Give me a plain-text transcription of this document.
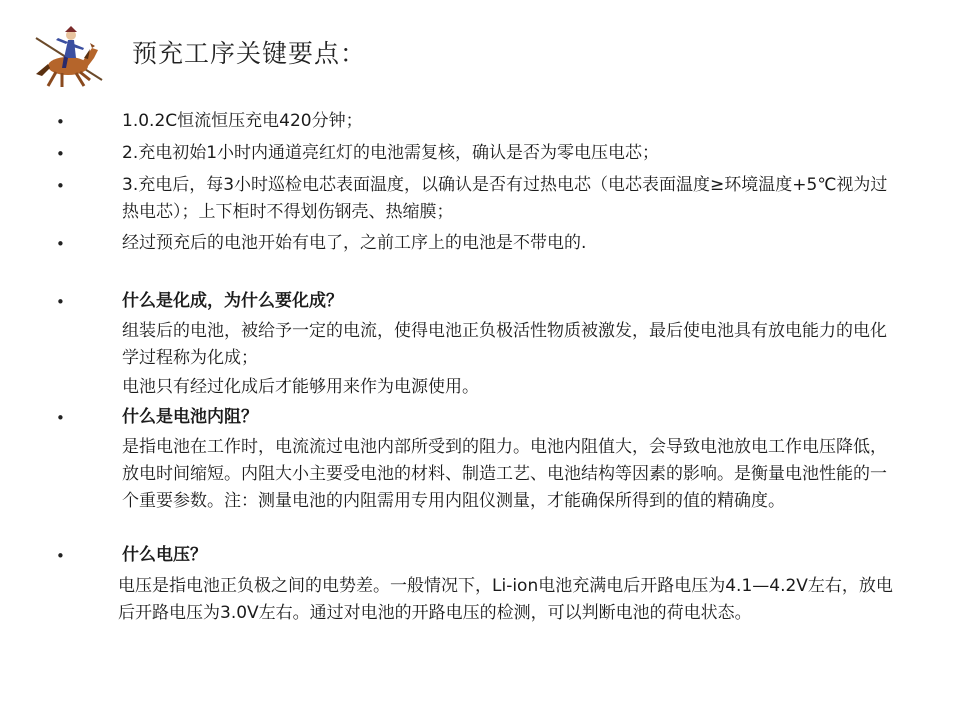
预充工序关键要点：
•	1.0.2C恒流恒压充电420分钟；
•	2.充电初始1小时内通道亮红灯的电池需复核，确认是否为零电压电芯；
•	3.充电后，每3小时巡检电芯表面温度，以确认是否有过热电芯（电芯表面温度≥环境温度+5℃视为过热电芯）；上下柜时不得划伤钢壳、热缩膜；
•	经过预充后的电池开始有电了，之前工序上的电池是不带电的.
•	什么是化成，为什么要化成？
组装后的电池，被给予一定的电流，使得电池正负极活性物质被激发，最后使电池具有放电能力的电化学过程称为化成；
电池只有经过化成后才能够用来作为电源使用。
•	什么是电池内阻？
是指电池在工作时，电流流过电池内部所受到的阻力。电池内阻值大，会导致电池放电工作电压降低，放电时间缩短。内阻大小主要受电池的材料、制造工艺、电池结构等因素的影响。是衡量电池性能的一个重要参数。注：测量电池的内阻需用专用内阻仪测量，才能确保所得到的值的精确度。
•	什么电压？
电压是指电池正负极之间的电势差。一般情况下，Li-ion电池充满电后开路电压为4.1—4.2V左右，放电后开路电压为3.0V左右。通过对电池的开路电压的检测，可以判断电池的荷电状态。
